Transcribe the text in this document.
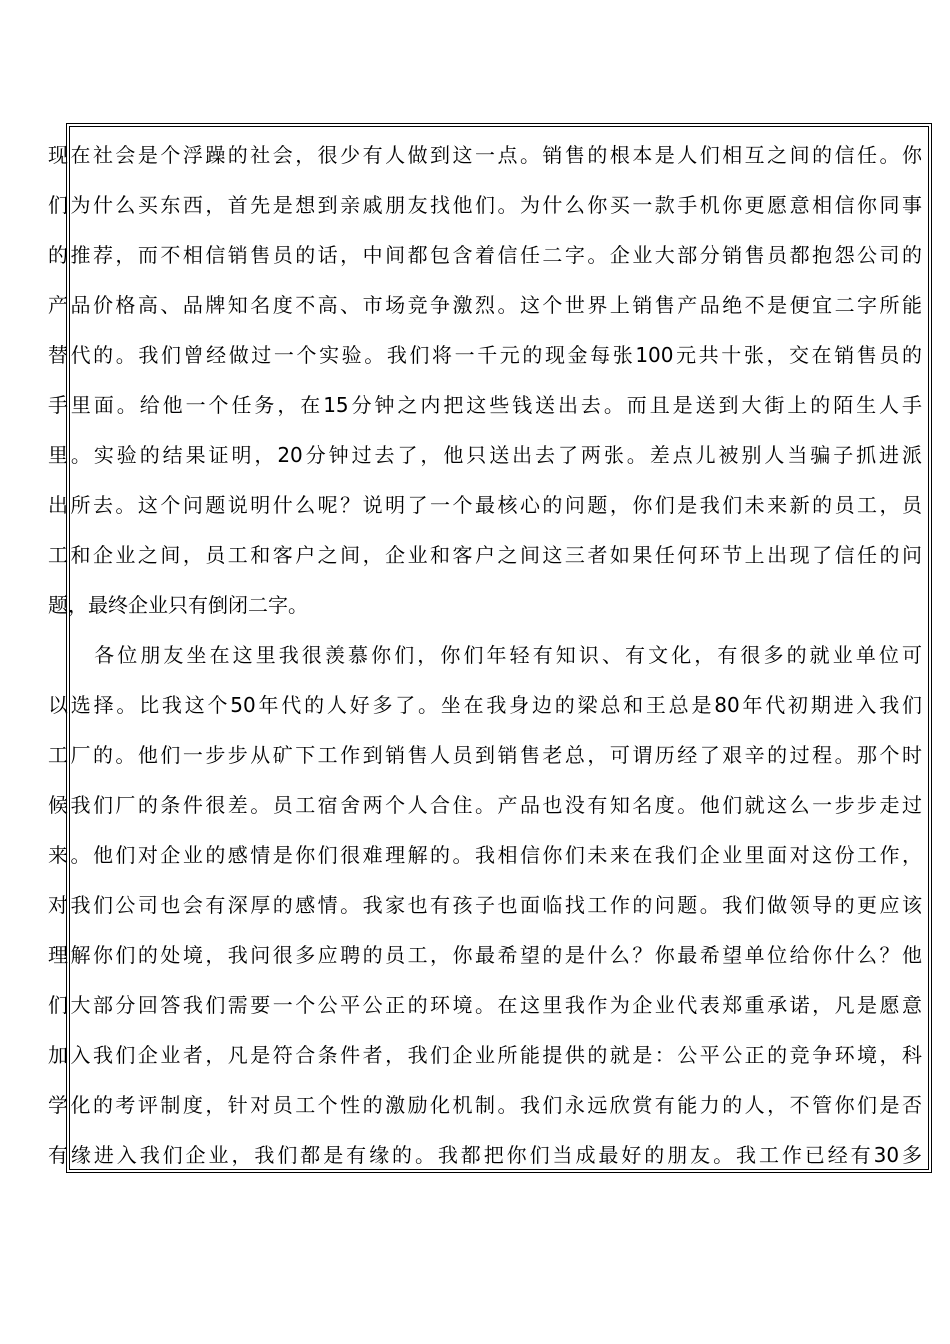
现在社会是个浮躁的社会，很少有人做到这一点。销售的根本是人们相互之间的信任。你
们为什么买东西，首先是想到亲戚朋友找他们。为什么你买一款手机你更愿意相信你同事
的推荐，而不相信销售员的话，中间都包含着信任二字。企业大部分销售员都抱怨公司的
产品价格高、品牌知名度不高、市场竞争激烈。这个世界上销售产品绝不是便宜二字所能
替代的。我们曾经做过一个实验。我们将一千元的现金每张100元共十张，交在销售员的
手里面。给他一个任务，在15分钟之内把这些钱送出去。而且是送到大街上的陌生人手
里。实验的结果证明，20分钟过去了，他只送出去了两张。差点儿被别人当骗子抓进派
出所去。这个问题说明什么呢？说明了一个最核心的问题，你们是我们未来新的员工，员
工和企业之间，员工和客户之间，企业和客户之间这三者如果任何环节上出现了信任的问
题，最终企业只有倒闭二字。
　　各位朋友坐在这里我很羡慕你们，你们年轻有知识、有文化，有很多的就业单位可
以选择。比我这个50年代的人好多了。坐在我身边的梁总和王总是80年代初期进入我们
工厂的。他们一步步从矿下工作到销售人员到销售老总，可谓历经了艰辛的过程。那个时
候我们厂的条件很差。员工宿舍两个人合住。产品也没有知名度。他们就这么一步步走过
来。他们对企业的感情是你们很难理解的。我相信你们未来在我们企业里面对这份工作，
对我们公司也会有深厚的感情。我家也有孩子也面临找工作的问题。我们做领导的更应该
理解你们的处境，我问很多应聘的员工，你最希望的是什么？你最希望单位给你什么？他
们大部分回答我们需要一个公平公正的环境。在这里我作为企业代表郑重承诺，凡是愿意
加入我们企业者，凡是符合条件者，我们企业所能提供的就是：公平公正的竞争环境，科
学化的考评制度，针对员工个性的激励化机制。我们永远欣赏有能力的人，不管你们是否
有缘进入我们企业，我们都是有缘的。我都把你们当成最好的朋友。我工作已经有30多
